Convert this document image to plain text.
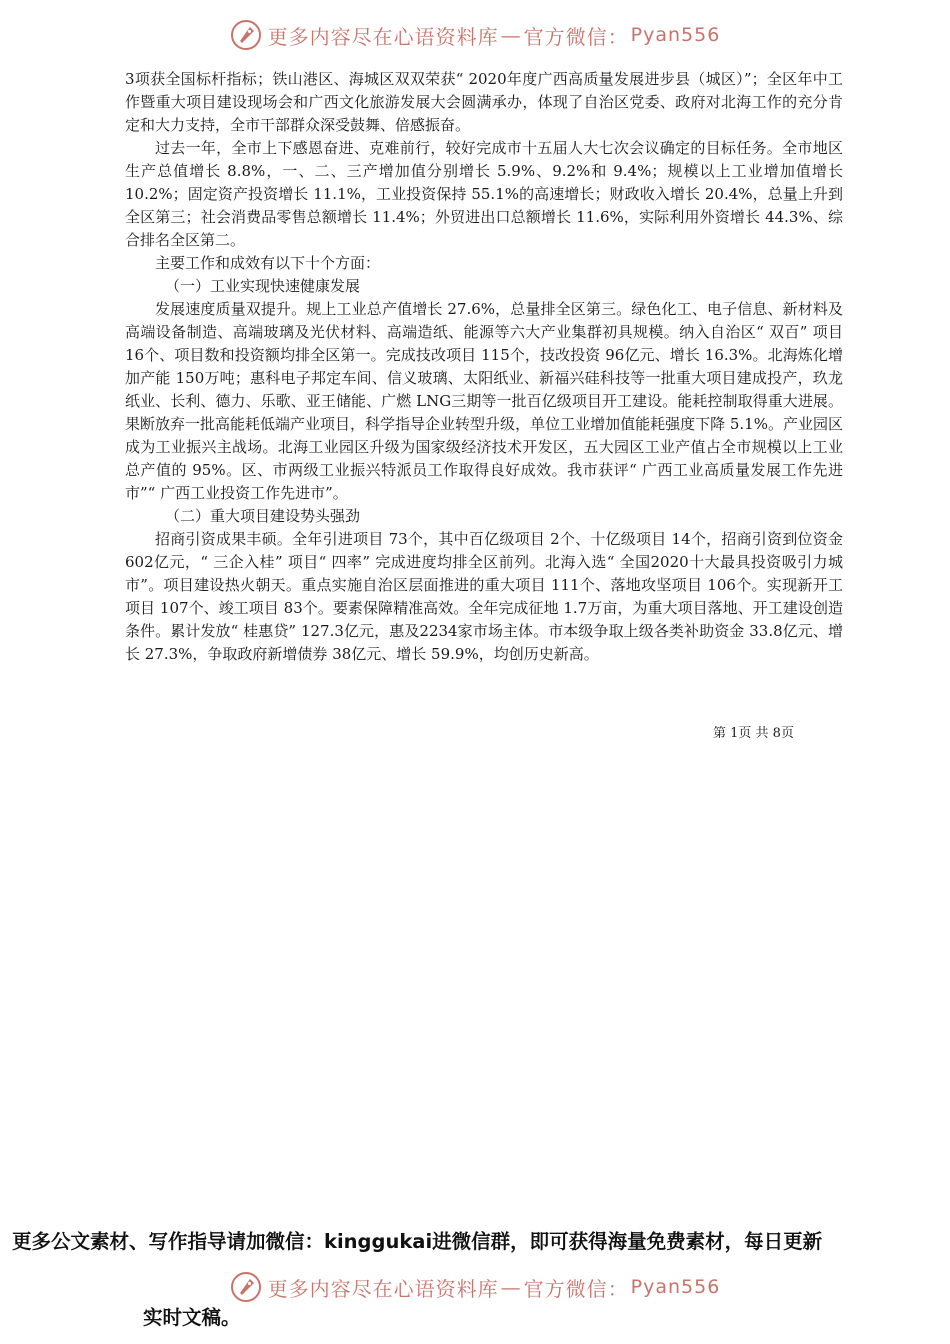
更多内容尽在心语资料库 — 官方微信： Pyan556

3项获全国标杆指标；铁山港区、海城区双双荣获“ 2020年度广西高质量发展进步县（城区）”；全区年中工作暨重大项目建设现场会和广西文化旅游发展大会圆满承办，体现了自治区党委、政府对北海工作的充分肯定和大力支持，全市干部群众深受鼓舞、倍感振奋。

过去一年，全市上下感恩奋进、克难前行，较好完成市十五届人大七次会议确定的目标任务。全市地区生产总值增长 8.8%，一、二、三产增加值分别增长 5.9%、9.2%和 9.4%；规模以上工业增加值增长 10.2%；固定资产投资增长 11.1%，工业投资保持 55.1%的高速增长；财政收入增长 20.4%，总量上升到全区第三；社会消费品零售总额增长 11.4%；外贸进出口总额增长 11.6%，实际利用外资增长 44.3%、综合排名全区第二。

主要工作和成效有以下十个方面：

（一）工业实现快速健康发展

发展速度质量双提升。规上工业总产值增长 27.6%，总量排全区第三。绿色化工、电子信息、新材料及高端设备制造、高端玻璃及光伏材料、高端造纸、能源等六大产业集群初具规模。纳入自治区“ 双百” 项目 16个、项目数和投资额均排全区第一。完成技改项目 115个，技改投资 96亿元、增长 16.3%。北海炼化增加产能 150万吨；惠科电子邦定车间、信义玻璃、太阳纸业、新福兴硅科技等一批重大项目建成投产，玖龙纸业、长利、德力、乐歌、亚王储能、广燃 LNG三期等一批百亿级项目开工建设。能耗控制取得重大进展。果断放弃一批高能耗低端产业项目，科学指导企业转型升级，单位工业增加值能耗强度下降 5.1%。产业园区成为工业振兴主战场。北海工业园区升级为国家级经济技术开发区，五大园区工业产值占全市规模以上工业总产值的 95%。区、市两级工业振兴特派员工作取得良好成效。我市获评“ 广西工业高质量发展工作先进市”“ 广西工业投资工作先进市”。

（二）重大项目建设势头强劲

招商引资成果丰硕。全年引进项目 73个，其中百亿级项目 2个、十亿级项目 14个，招商引资到位资金 602亿元，“ 三企入桂” 项目“ 四率” 完成进度均排全区前列。北海入选“ 全国2020十大最具投资吸引力城市”。项目建设热火朝天。重点实施自治区层面推进的重大项目 111个、落地攻坚项目 106个。实现新开工项目 107个、竣工项目 83个。要素保障精准高效。全年完成征地 1.7万亩，为重大项目落地、开工建设创造条件。累计发放“ 桂惠贷” 127.3亿元，惠及2234家市场主体。市本级争取上级各类补助资金 33.8亿元、增长 27.3%，争取政府新增债券 38亿元、增长 59.9%，均创历史新高。

第 1页 共 8页
更多公文素材、写作指导请加微信：kinggukai进微信群，即可获得海量免费素材，每日更新
实时文稿。
更多内容尽在心语资料库 — 官方微信： Pyan556
